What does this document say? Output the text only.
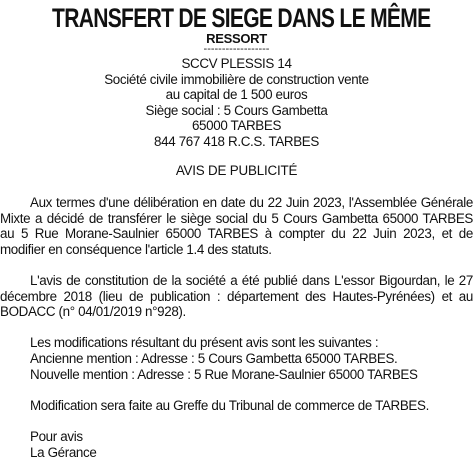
TRANSFERT DE SIEGE DANS LE MÊME
RESSORT
------------------
SCCV PLESSIS 14
Société civile immobilière de construction vente
au capital de 1 500 euros
Siège social : 5 Cours Gambetta
65000 TARBES
844 767 418 R.C.S. TARBES
AVIS DE PUBLICITÉ

Aux termes d'une délibération en date du 22 Juin 2023, l'Assemblée Générale Mixte a décidé de transférer le siège social du 5 Cours Gambetta 65000 TARBES au 5 Rue Morane-Saulnier 65000 TARBES à compter du 22 Juin 2023, et de modifier en conséquence l'article 1.4 des statuts.

L'avis de constitution de la société a été publié dans L'essor Bigourdan, le 27 décembre 2018 (lieu de publication : département des Hautes-Pyrénées) et au BODACC (n° 04/01/2019 n°928).

Les modifications résultant du présent avis sont les suivantes :

Ancienne mention : Adresse : 5 Cours Gambetta 65000 TARBES.

Nouvelle mention : Adresse : 5 Rue Morane-Saulnier 65000 TARBES

Modification sera faite au Greffe du Tribunal de commerce de TARBES.

Pour avis

La Gérance
